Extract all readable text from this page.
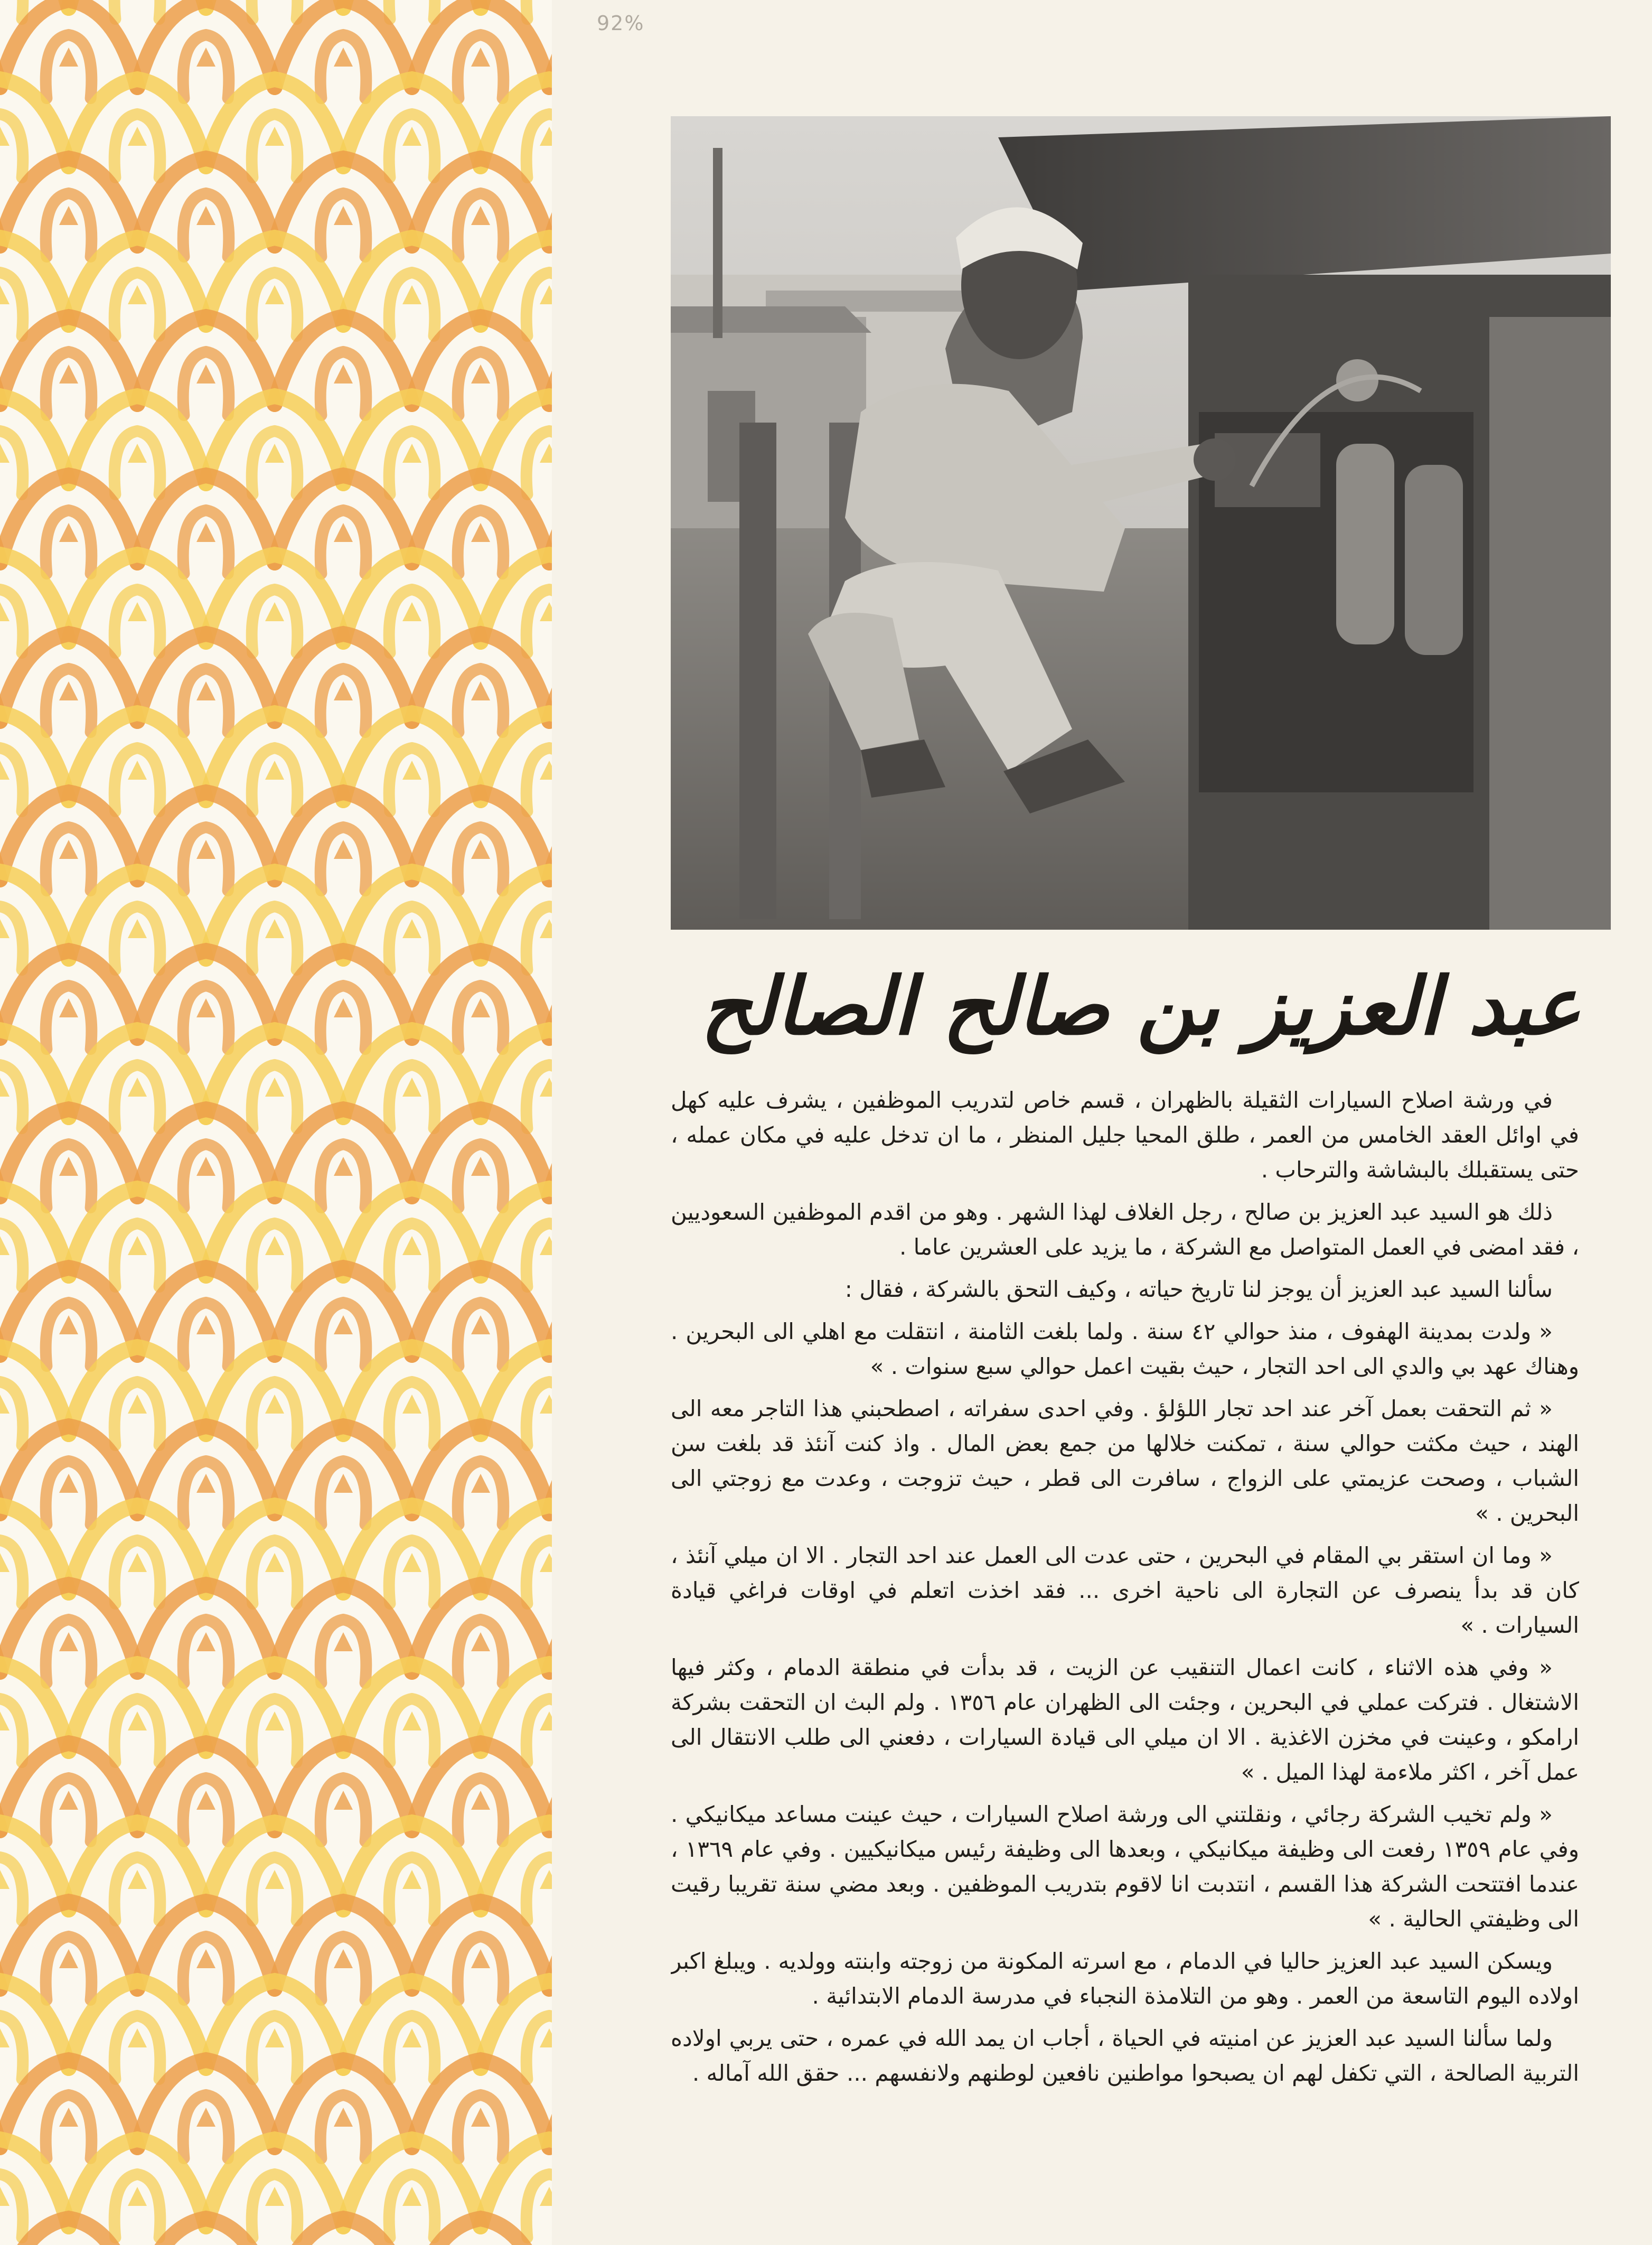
92%
عبد العزيز بن صالح الصالح

في ورشة اصلاح السيارات الثقيلة بالظهران ، قسم خاص لتدريب الموظفين ، يشرف عليه كهل في اوائل العقد الخامس من العمر ، طلق المحيا جليل المنظر ، ما ان تدخل عليه في مكان عمله ، حتى يستقبلك بالبشاشة والترحاب .

ذلك هو السيد عبد العزيز بن صالح ، رجل الغلاف لهذا الشهر . وهو من اقدم الموظفين السعوديين ، فقد امضى في العمل المتواصل مع الشركة ، ما يزيد على العشرين عاما .

سألنا السيد عبد العزيز أن يوجز لنا تاريخ حياته ، وكيف التحق بالشركة ، فقال :

« ولدت بمدينة الهفوف ، منذ حوالي ٤٢ سنة . ولما بلغت الثامنة ، انتقلت مع اهلي الى البحرين . وهناك عهد بي والدي الى احد التجار ، حيث بقيت اعمل حوالي سبع سنوات . »

« ثم التحقت بعمل آخر عند احد تجار اللؤلؤ . وفي احدى سفراته ، اصطحبني هذا التاجر معه الى الهند ، حيث مكثت حوالي سنة ، تمكنت خلالها من جمع بعض المال . واذ كنت آنئذ قد بلغت سن الشباب ، وصحت عزيمتي على الزواج ، سافرت الى قطر ، حيث تزوجت ، وعدت مع زوجتي الى البحرين . »

« وما ان استقر بي المقام في البحرين ، حتى عدت الى العمل عند احد التجار . الا ان ميلي آنئذ ، كان قد بدأ ينصرف عن التجارة الى ناحية اخرى ... فقد اخذت اتعلم في اوقات فراغي قيادة السيارات . »

« وفي هذه الاثناء ، كانت اعمال التنقيب عن الزيت ، قد بدأت في منطقة الدمام ، وكثر فيها الاشتغال . فتركت عملي في البحرين ، وجئت الى الظهران عام ١٣٥٦ . ولم البث ان التحقت بشركة ارامكو ، وعينت في مخزن الاغذية . الا ان ميلي الى قيادة السيارات ، دفعني الى طلب الانتقال الى عمل آخر ، اكثر ملاءمة لهذا الميل . »

« ولم تخيب الشركة رجائي ، ونقلتني الى ورشة اصلاح السيارات ، حيث عينت مساعد ميكانيكي . وفي عام ١٣٥٩ رفعت الى وظيفة ميكانيكي ، وبعدها الى وظيفة رئيس ميكانيكيين . وفي عام ١٣٦٩ ، عندما افتتحت الشركة هذا القسم ، انتدبت انا لاقوم بتدريب الموظفين . وبعد مضي سنة تقريبا رقيت الى وظيفتي الحالية . »

ويسكن السيد عبد العزيز حاليا في الدمام ، مع اسرته المكونة من زوجته وابنته وولديه . ويبلغ اكبر اولاده اليوم التاسعة من العمر . وهو من التلامذة النجباء في مدرسة الدمام الابتدائية .

ولما سألنا السيد عبد العزيز عن امنيته في الحياة ، أجاب ان يمد الله في عمره ، حتى يربي اولاده التربية الصالحة ، التي تكفل لهم ان يصبحوا مواطنين نافعين لوطنهم ولانفسهم ... حقق الله آماله .
